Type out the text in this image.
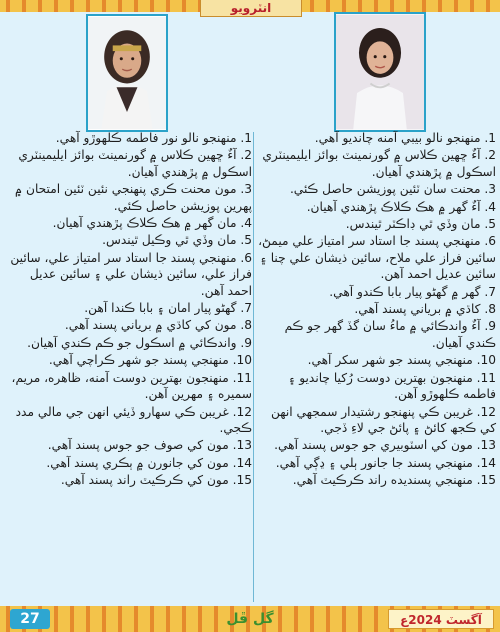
انٽرويو
1. منهنجو نالو نور فاطمه ڪلهوڙو آهي.
2. آءٌ ڇهين ڪلاس ۾ گورنمينٽ بوائز ايليمينٽري اسڪول ۾ پڙهندي آهيان.
3. مون محنت ڪري پنهنجي نئين ٽئين امتحان ۾ پهرين پوزيشن حاصل ڪئي.
4. مان گهر ۾ هڪ ڪلاڪ پڙهندي آهيان.
5. مان وڏي ٿي وڪيل ٿيندس.
6. منهنجي پسند جا استاد سر امتياز علي، سائين فراز علي، سائين ذيشان علي ۽ سائين عديل احمد آهن.
7. گهڻو پيار امان ۽ بابا ڪندا آهن.
8. مون کي کاڌي ۾ برياني پسند آهي.
9. واندڪائي ۾ اسڪول جو ڪم ڪندي آهيان.
10. منهنجي پسند جو شهر ڪراچي آهي.
11. منهنجون بهترين دوست آمنه، ظاهره، مريم، سميره ۽ مهرين آهن.
12. غريبن ڪي سهارو ڏيئي انهن جي مالي مدد ڪجي.
13. مون کي صوف جو جوس پسند آهي.
14. مون کي جانورن ۾ ٻڪري پسند آهي.
15. مون کي ڪرڪيٽ راند پسند آهي.
1. منهنجو نالو بيبي آمنه چانديو آهي.
2. آءٌ ڇهين ڪلاس ۾ گورنمينٽ بوائز ايليمينٽري اسڪول ۾ پڙهندي آهيان.
3. محنت سان ٽئين پوزيشن حاصل ڪئي.
4. آءٌ گهر ۾ هڪ ڪلاڪ پڙهندي آهيان.
5. مان وڏي ٿي ڊاڪٽر ٿيندس.
6. منهنجي پسند جا استاد سر امتياز علي ميمڻ، سائين فراز علي ملاح، سائين ذيشان علي چنا ۽ سائين عديل احمد آهن.
7. گهر ۾ گهڻو پيار بابا ڪندو آهي.
8. کاڌي ۾ برياني پسند آهي.
9. آءٌ واندڪائي ۾ ماءُ سان گڏ گهر جو ڪم ڪندي آهيان.
10. منهنجي پسند جو شهر سکر آهي.
11. منهنجون بهترين دوست رُکيا چانديو ۽ فاطمه ڪلهوڙو آهن.
12. غريبن ڪي پنهنجو رشتيدار سمجهي انهن کي ڪجھ کائڻ ۽ پائڻ جي لاءِ ڏجي.
13. مون کي اسٽوبيري جو جوس پسند آهي.
14. منهنجي پسند جا جانور ٻلي ۽ ڍڳي آهي.
15. منهنجي پسنديده راند ڪرڪيٽ آهي.
27	گل ڦل	آگسٽ 2024ع
